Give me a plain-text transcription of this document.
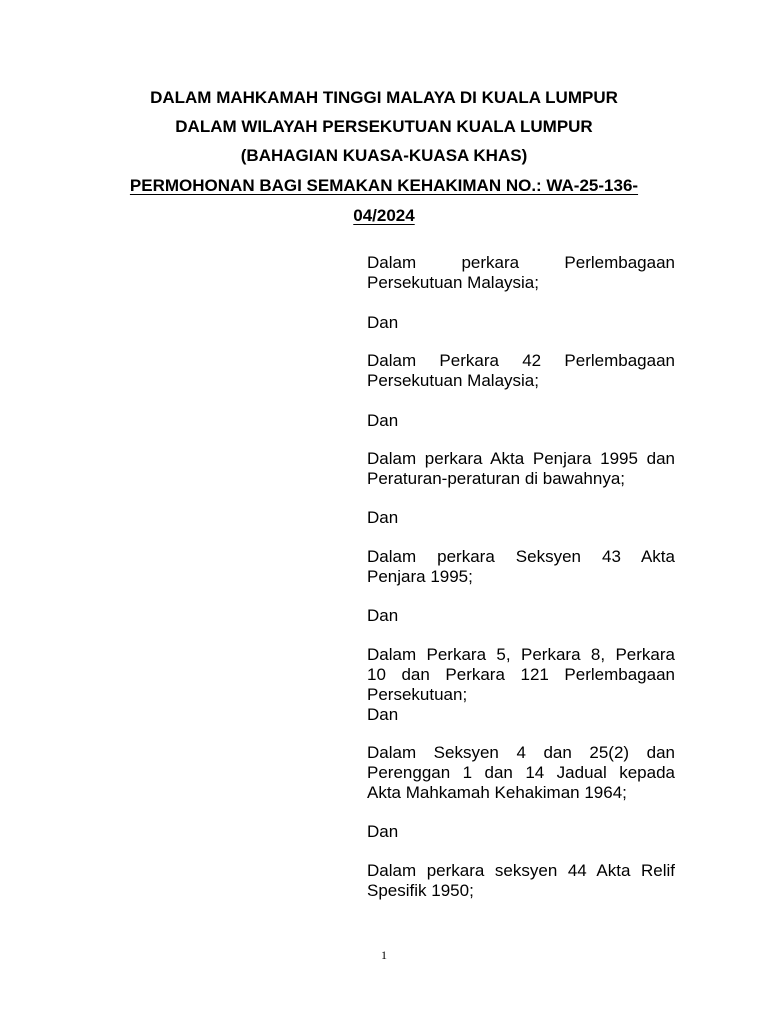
DALAM MAHKAMAH TINGGI MALAYA DI KUALA LUMPUR
DALAM WILAYAH PERSEKUTUAN KUALA LUMPUR
(BAHAGIAN KUASA-KUASA KHAS)
PERMOHONAN BAGI SEMAKAN KEHAKIMAN NO.: WA-25-136-
04/2024
Dalam perkara Perlembagaan
Persekutuan Malaysia;
Dan
Dalam Perkara 42 Perlembagaan
Persekutuan Malaysia;
Dan
Dalam perkara Akta Penjara 1995 dan
Peraturan-peraturan di bawahnya;
Dan
Dalam perkara Seksyen 43 Akta
Penjara 1995;
Dan
Dalam Perkara 5, Perkara 8, Perkara
10 dan Perkara 121 Perlembagaan
Persekutuan;
Dan
Dalam Seksyen 4 dan 25(2) dan
Perenggan 1 dan 14 Jadual kepada
Akta Mahkamah Kehakiman 1964;
Dan
Dalam perkara seksyen 44 Akta Relif
Spesifik 1950;
1
